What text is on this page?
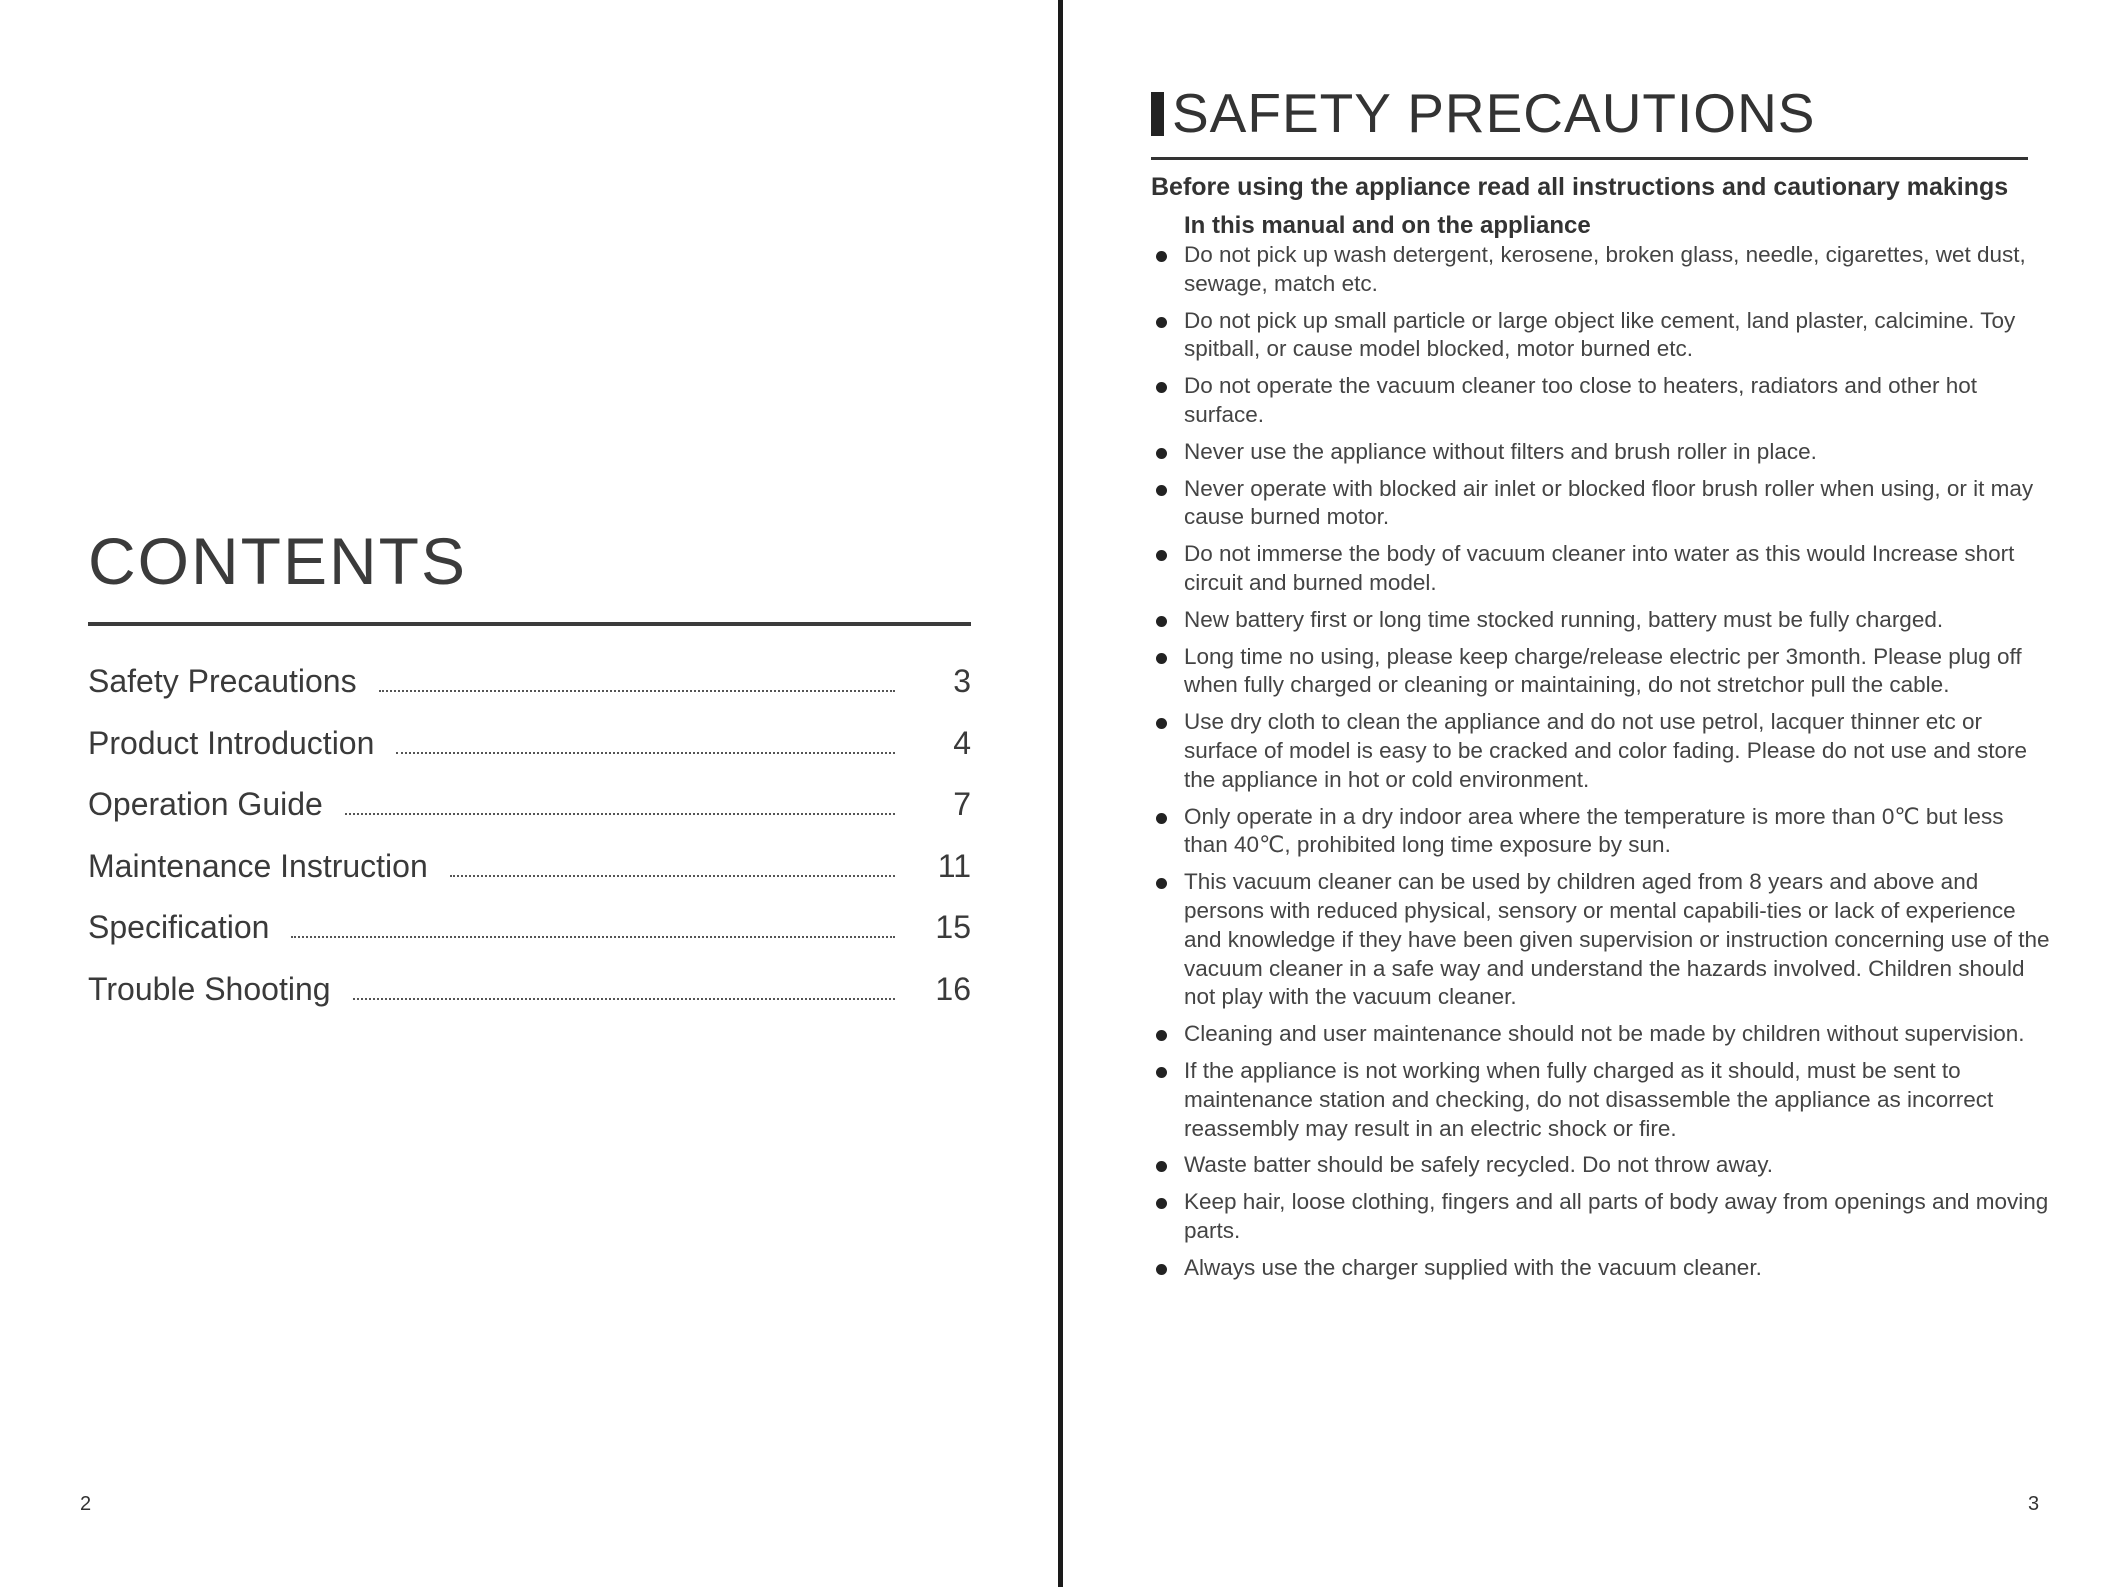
CONTENTS
Safety Precautions	3
Product Introduction	4
Operation Guide	7
Maintenance Instruction	11
Specification	15
Trouble Shooting	16
2
SAFETY PRECAUTIONS
Before using the appliance read all instructions and cautionary makings
In this manual and on the appliance
Do not pick up wash detergent, kerosene, broken glass, needle, cigarettes, wet dust, sewage, match etc.
Do not pick up small particle or large object like cement, land plaster, calcimine. Toy spitball, or cause model blocked, motor burned etc.
Do not operate the vacuum cleaner too close to heaters, radiators and other hot surface.
Never use the appliance without filters and brush roller in place.
Never operate with blocked air inlet or blocked floor brush roller when using, or it may cause burned motor.
Do not immerse the body of vacuum cleaner into water as this would Increase short circuit and burned model.
New battery first or long time stocked running, battery must be fully charged.
Long time no using, please keep charge/release electric per 3month. Please plug off when fully charged or cleaning or maintaining, do not stretchor pull the cable.
Use dry cloth to clean the appliance and do not use petrol, lacquer thinner etc or surface of model is easy to be cracked and color fading. Please do not use and store the appliance in hot or cold environment.
Only operate in a dry indoor area where the temperature is more than 0℃ but less than 40℃, prohibited long time exposure by sun.
This vacuum cleaner can be used by children aged from 8 years and above and persons with reduced physical, sensory or mental capabili-ties or lack of experience and knowledge if they have been given supervision or instruction concerning use of the vacuum cleaner in a safe way and understand the hazards involved. Children should not play with the vacuum cleaner.
Cleaning and user maintenance should not be made by children without supervision.
If the appliance is not working when fully charged as it should, must be sent to maintenance station and checking, do not disassemble the appliance as incorrect reassembly may result in an electric shock or fire.
Waste batter should be safely recycled. Do not throw away.
Keep hair, loose clothing, fingers and all parts of body away from openings and moving parts.
Always use the charger supplied with the vacuum cleaner.
3
